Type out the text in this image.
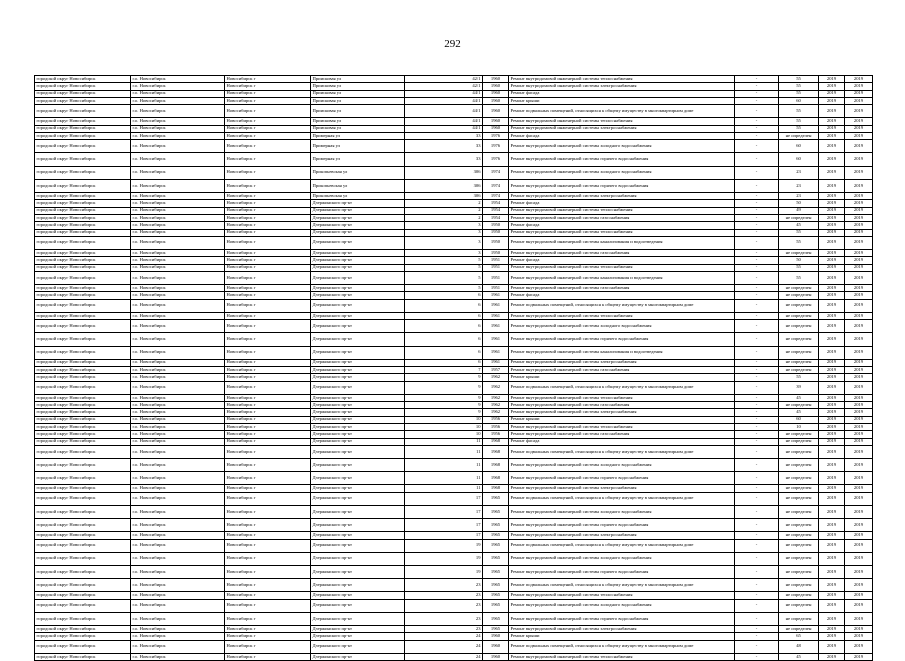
292
городской округ Новосибирск	г.о. Новосибирск	Новосибирск г	Приисковая ул	42/1	1960	Ремонт внутридомовой инженерной системы теплоснабжения	-	55	2019	2019
городской округ Новосибирск	г.о. Новосибирск	Новосибирск г	Приисковая ул	42/1	1960	Ремонт внутридомовой инженерной системы электроснабжения	-	55	2019	2019
городской округ Новосибирск	г.о. Новосибирск	Новосибирск г	Приисковая ул	44/1	1960	Ремонт фасада	-	55	2019	2019
городской округ Новосибирск	г.о. Новосибирск	Новосибирск г	Приисковая ул	44/1	1960	Ремонт крыши	-	60	2019	2019
городской округ Новосибирск	г.о. Новосибирск	Новосибирск г	Приисковая ул	44/1	1960	Ремонт подвальных помещений, относящихся к общему имуществу в многоквартирном доме	-	55	2019	2019
городской округ Новосибирск	г.о. Новосибирск	Новосибирск г	Приисковая ул	44/1	1960	Ремонт внутридомовой инженерной системы теплоснабжения	-	55	2019	2019
городской округ Новосибирск	г.о. Новосибирск	Новосибирск г	Приисковая ул	44/1	1960	Ремонт внутридомовой инженерной системы электроснабжения	-	55	2019	2019
городской округ Новосибирск	г.о. Новосибирск	Новосибирск г	Примерная ул	33	1976	Ремонт фасада	-	не определен	2019	2019
городской округ Новосибирск	г.о. Новосибирск	Новосибирск г	Примерная ул	33	1976	Ремонт внутридомовой инженерной системы холодного водоснабжения	-	60	2019	2019
городской округ Новосибирск	г.о. Новосибирск	Новосибирск г	Примерная ул	33	1976	Ремонт внутридомовой инженерной системы горячего водоснабжения	-	60	2019	2019
городской округ Новосибирск	г.о. Новосибирск	Новосибирск г	Прокопьевская ул	306	1974	Ремонт внутридомовой инженерной системы холодного водоснабжения	-	23	2019	2019
городской округ Новосибирск	г.о. Новосибирск	Новосибирск г	Прокопьевская ул	306	1974	Ремонт внутридомовой инженерной системы горячего водоснабжения	-	23	2019	2019
городской округ Новосибирск	г.о. Новосибирск	Новосибирск г	Прокопьевская ул	306	1974	Ремонт внутридомовой инженерной системы электроснабжения	-	23	2019	2019
городской округ Новосибирск	г.о. Новосибирск	Новосибирск г	Дзержинского пр-кт	2	1954	Ремонт фасада	-	50	2019	2019
городской округ Новосибирск	г.о. Новосибирск	Новосибирск г	Дзержинского пр-кт	2	1954	Ремонт внутридомовой инженерной системы теплоснабжения	-	49	2019	2019
городской округ Новосибирск	г.о. Новосибирск	Новосибирск г	Дзержинского пр-кт	2	1954	Ремонт внутридомовой инженерной системы газоснабжения	-	не определен	2019	2019
городской округ Новосибирск	г.о. Новосибирск	Новосибирск г	Дзержинского пр-кт	3	1950	Ремонт фасада	-	45	2019	2019
городской округ Новосибирск	г.о. Новосибирск	Новосибирск г	Дзержинского пр-кт	3	1950	Ремонт внутридомовой инженерной системы теплоснабжения	-	55	2019	2019
городской округ Новосибирск	г.о. Новосибирск	Новосибирск г	Дзержинского пр-кт	3	1950	Ремонт внутридомовой инженерной системы канализования и водоотведения	-	55	2019	2019
городской округ Новосибирск	г.о. Новосибирск	Новосибирск г	Дзержинского пр-кт	3	1950	Ремонт внутридомовой инженерной системы газоснабжения	-	не определен	2019	2019
городской округ Новосибирск	г.о. Новосибирск	Новосибирск г	Дзержинского пр-кт	5	1951	Ремонт фасада	-	50	2019	2019
городской округ Новосибирск	г.о. Новосибирск	Новосибирск г	Дзержинского пр-кт	5	1951	Ремонт внутридомовой инженерной системы теплоснабжения	-	55	2019	2019
городской округ Новосибирск	г.о. Новосибирск	Новосибирск г	Дзержинского пр-кт	5	1951	Ремонт внутридомовой инженерной системы канализования и водоотведения	-	55	2019	2019
городской округ Новосибирск	г.о. Новосибирск	Новосибирск г	Дзержинского пр-кт	5	1951	Ремонт внутридомовой инженерной системы газоснабжения	-	не определен	2019	2019
городской округ Новосибирск	г.о. Новосибирск	Новосибирск г	Дзержинского пр-кт	6	1961	Ремонт фасада	-	не определен	2019	2019
городской округ Новосибирск	г.о. Новосибирск	Новосибирск г	Дзержинского пр-кт	6	1961	Ремонт подвальных помещений, относящихся к общему имуществу в многоквартирном доме	-	не определен	2019	2019
городской округ Новосибирск	г.о. Новосибирск	Новосибирск г	Дзержинского пр-кт	6	1961	Ремонт внутридомовой инженерной системы теплоснабжения	-	не определен	2019	2019
городской округ Новосибирск	г.о. Новосибирск	Новосибирск г	Дзержинского пр-кт	6	1961	Ремонт внутридомовой инженерной системы холодного водоснабжения	-	не определен	2019	2019
городской округ Новосибирск	г.о. Новосибирск	Новосибирск г	Дзержинского пр-кт	6	1961	Ремонт внутридомовой инженерной системы горячего водоснабжения	-	не определен	2019	2019
городской округ Новосибирск	г.о. Новосибирск	Новосибирск г	Дзержинского пр-кт	6	1961	Ремонт внутридомовой инженерной системы канализования и водоотведения	-	не определен	2019	2019
городской округ Новосибирск	г.о. Новосибирск	Новосибирск г	Дзержинского пр-кт	6	1961	Ремонт внутридомовой инженерной системы электроснабжения	-	не определен	2019	2019
городской округ Новосибирск	г.о. Новосибирск	Новосибирск г	Дзержинского пр-кт	7	1957	Ремонт внутридомовой инженерной системы газоснабжения	-	не определен	2019	2019
городской округ Новосибирск	г.о. Новосибирск	Новосибирск г	Дзержинского пр-кт	9	1962	Ремонт крыши	-	55	2019	2019
городской округ Новосибирск	г.о. Новосибирск	Новосибирск г	Дзержинского пр-кт	9	1962	Ремонт подвальных помещений, относящихся к общему имуществу в многоквартирном доме	-	39	2019	2019
городской округ Новосибирск	г.о. Новосибирск	Новосибирск г	Дзержинского пр-кт	9	1962	Ремонт внутридомовой инженерной системы теплоснабжения	-	45	2019	2019
городской округ Новосибирск	г.о. Новосибирск	Новосибирск г	Дзержинского пр-кт	9	1962	Ремонт внутридомовой инженерной системы газоснабжения	-	не определен	2019	2019
городской округ Новосибирск	г.о. Новосибирск	Новосибирск г	Дзержинского пр-кт	9	1962	Ремонт внутридомовой инженерной системы электроснабжения	-	45	2019	2019
городской округ Новосибирск	г.о. Новосибирск	Новосибирск г	Дзержинского пр-кт	10	1956	Ремонт крыши	-	60	2019	2019
городской округ Новосибирск	г.о. Новосибирск	Новосибирск г	Дзержинского пр-кт	10	1956	Ремонт внутридомовой инженерной системы теплоснабжения	-	10	2019	2019
городской округ Новосибирск	г.о. Новосибирск	Новосибирск г	Дзержинского пр-кт	10	1956	Ремонт внутридомовой инженерной системы газоснабжения	-	не определен	2019	2019
городской округ Новосибирск	г.о. Новосибирск	Новосибирск г	Дзержинского пр-кт	11	1968	Ремонт фасада	-	не определен	2019	2019
городской округ Новосибирск	г.о. Новосибирск	Новосибирск г	Дзержинского пр-кт	11	1968	Ремонт подвальных помещений, относящихся к общему имуществу в многоквартирном доме	-	не определен	2019	2019
городской округ Новосибирск	г.о. Новосибирск	Новосибирск г	Дзержинского пр-кт	11	1968	Ремонт внутридомовой инженерной системы холодного водоснабжения	-	не определен	2019	2019
городской округ Новосибирск	г.о. Новосибирск	Новосибирск г	Дзержинского пр-кт	11	1968	Ремонт внутридомовой инженерной системы горячего водоснабжения	-	не определен	2019	2019
городской округ Новосибирск	г.о. Новосибирск	Новосибирск г	Дзержинского пр-кт	11	1968	Ремонт внутридомовой инженерной системы электроснабжения	-	не определен	2019	2019
городской округ Новосибирск	г.о. Новосибирск	Новосибирск г	Дзержинского пр-кт	17	1965	Ремонт подвальных помещений, относящихся к общему имуществу в многоквартирном доме	-	не определен	2019	2019
городской округ Новосибирск	г.о. Новосибирск	Новосибирск г	Дзержинского пр-кт	17	1965	Ремонт внутридомовой инженерной системы холодного водоснабжения	-	не определен	2019	2019
городской округ Новосибирск	г.о. Новосибирск	Новосибирск г	Дзержинского пр-кт	17	1965	Ремонт внутридомовой инженерной системы горячего водоснабжения	-	не определен	2019	2019
городской округ Новосибирск	г.о. Новосибирск	Новосибирск г	Дзержинского пр-кт	17	1965	Ремонт внутридомовой инженерной системы электроснабжения	-	не определен	2019	2019
городской округ Новосибирск	г.о. Новосибирск	Новосибирск г	Дзержинского пр-кт	19	1965	Ремонт подвальных помещений, относящихся к общему имуществу в многоквартирном доме	-	не определен	2019	2019
городской округ Новосибирск	г.о. Новосибирск	Новосибирск г	Дзержинского пр-кт	19	1965	Ремонт внутридомовой инженерной системы холодного водоснабжения	-	не определен	2019	2019
городской округ Новосибирск	г.о. Новосибирск	Новосибирск г	Дзержинского пр-кт	19	1965	Ремонт внутридомовой инженерной системы горячего водоснабжения	-	не определен	2019	2019
городской округ Новосибирск	г.о. Новосибирск	Новосибирск г	Дзержинского пр-кт	23	1965	Ремонт подвальных помещений, относящихся к общему имуществу в многоквартирном доме	-	не определен	2019	2019
городской округ Новосибирск	г.о. Новосибирск	Новосибирск г	Дзержинского пр-кт	23	1965	Ремонт внутридомовой инженерной системы теплоснабжения	-	не определен	2019	2019
городской округ Новосибирск	г.о. Новосибирск	Новосибирск г	Дзержинского пр-кт	23	1965	Ремонт внутридомовой инженерной системы холодного водоснабжения	-	не определен	2019	2019
городской округ Новосибирск	г.о. Новосибирск	Новосибирск г	Дзержинского пр-кт	23	1965	Ремонт внутридомовой инженерной системы горячего водоснабжения	-	не определен	2019	2019
городской округ Новосибирск	г.о. Новосибирск	Новосибирск г	Дзержинского пр-кт	23	1965	Ремонт внутридомовой инженерной системы электроснабжения	-	не определен	2019	2019
городской округ Новосибирск	г.о. Новосибирск	Новосибирск г	Дзержинского пр-кт	24	1960	Ремонт крыши	-	65	2019	2019
городской округ Новосибирск	г.о. Новосибирск	Новосибирск г	Дзержинского пр-кт	24	1960	Ремонт подвальных помещений, относящихся к общему имуществу в многоквартирном доме	-	48	2019	2019
городской округ Новосибирск	г.о. Новосибирск	Новосибирск г	Дзержинского пр-кт	24	1960	Ремонт внутридомовой инженерной системы теплоснабжения	-	45	2019	2019
